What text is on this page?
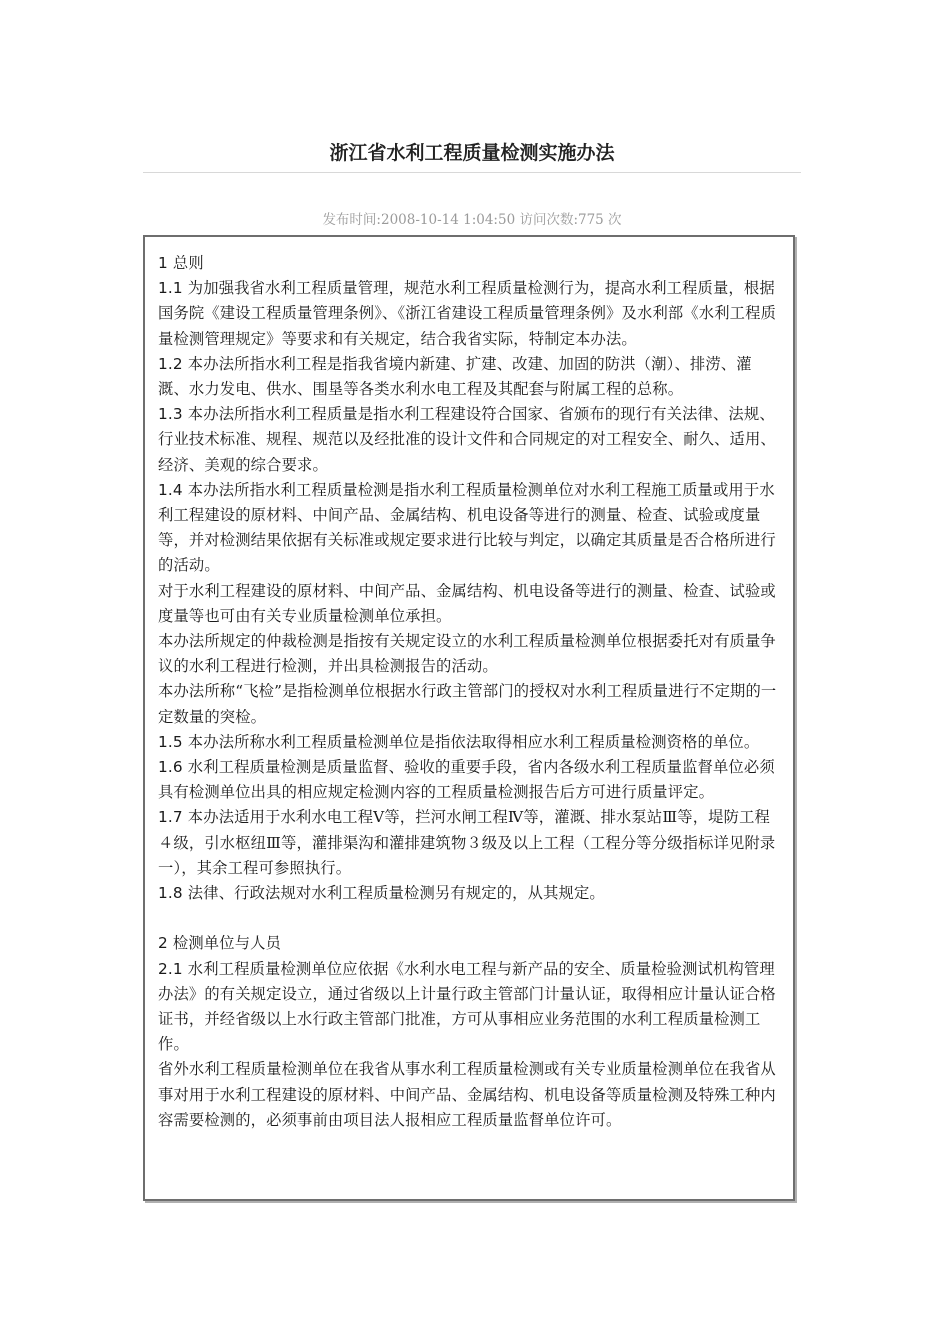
浙江省水利工程质量检测实施办法
发布时间:2008-10-14 1:04:50 访问次数:775 次

1 总则

1.1 为加强我省水利工程质量管理，规范水利工程质量检测行为，提高水利工程质量，根据国务院《建设工程质量管理条例》、《浙江省建设工程质量管理条例》及水利部《水利工程质量检测管理规定》等要求和有关规定，结合我省实际，特制定本办法。

1.2 本办法所指水利工程是指我省境内新建、扩建、改建、加固的防洪（潮）、排涝、灌溉、水力发电、供水、围垦等各类水利水电工程及其配套与附属工程的总称。

1.3 本办法所指水利工程质量是指水利工程建设符合国家、省颁布的现行有关法律、法规、行业技术标准、规程、规范以及经批准的设计文件和合同规定的对工程安全、耐久、适用、经济、美观的综合要求。

1.4 本办法所指水利工程质量检测是指水利工程质量检测单位对水利工程施工质量或用于水利工程建设的原材料、中间产品、金属结构、机电设备等进行的测量、检查、试验或度量等，并对检测结果依据有关标准或规定要求进行比较与判定，以确定其质量是否合格所进行的活动。

对于水利工程建设的原材料、中间产品、金属结构、机电设备等进行的测量、检查、试验或度量等也可由有关专业质量检测单位承担。

本办法所规定的仲裁检测是指按有关规定设立的水利工程质量检测单位根据委托对有质量争议的水利工程进行检测，并出具检测报告的活动。

本办法所称“飞检”是指检测单位根据水行政主管部门的授权对水利工程质量进行不定期的一定数量的突检。

1.5 本办法所称水利工程质量检测单位是指依法取得相应水利工程质量检测资格的单位。

1.6 水利工程质量检测是质量监督、验收的重要手段，省内各级水利工程质量监督单位必须具有检测单位出具的相应规定检测内容的工程质量检测报告后方可进行质量评定。

1.7 本办法适用于水利水电工程Ⅴ等，拦河水闸工程Ⅳ等，灌溉、排水泵站Ⅲ等，堤防工程４级，引水枢纽Ⅲ等，灌排渠沟和灌排建筑物３级及以上工程（工程分等分级指标详见附录一），其余工程可参照执行。

1.8 法律、行政法规对水利工程质量检测另有规定的，从其规定。

2 检测单位与人员

2.1 水利工程质量检测单位应依据《水利水电工程与新产品的安全、质量检验测试机构管理办法》的有关规定设立，通过省级以上计量行政主管部门计量认证，取得相应计量认证合格证书，并经省级以上水行政主管部门批准，方可从事相应业务范围的水利工程质量检测工作。

省外水利工程质量检测单位在我省从事水利工程质量检测或有关专业质量检测单位在我省从事对用于水利工程建设的原材料、中间产品、金属结构、机电设备等质量检测及特殊工种内容需要检测的，必须事前由项目法人报相应工程质量监督单位许可。
